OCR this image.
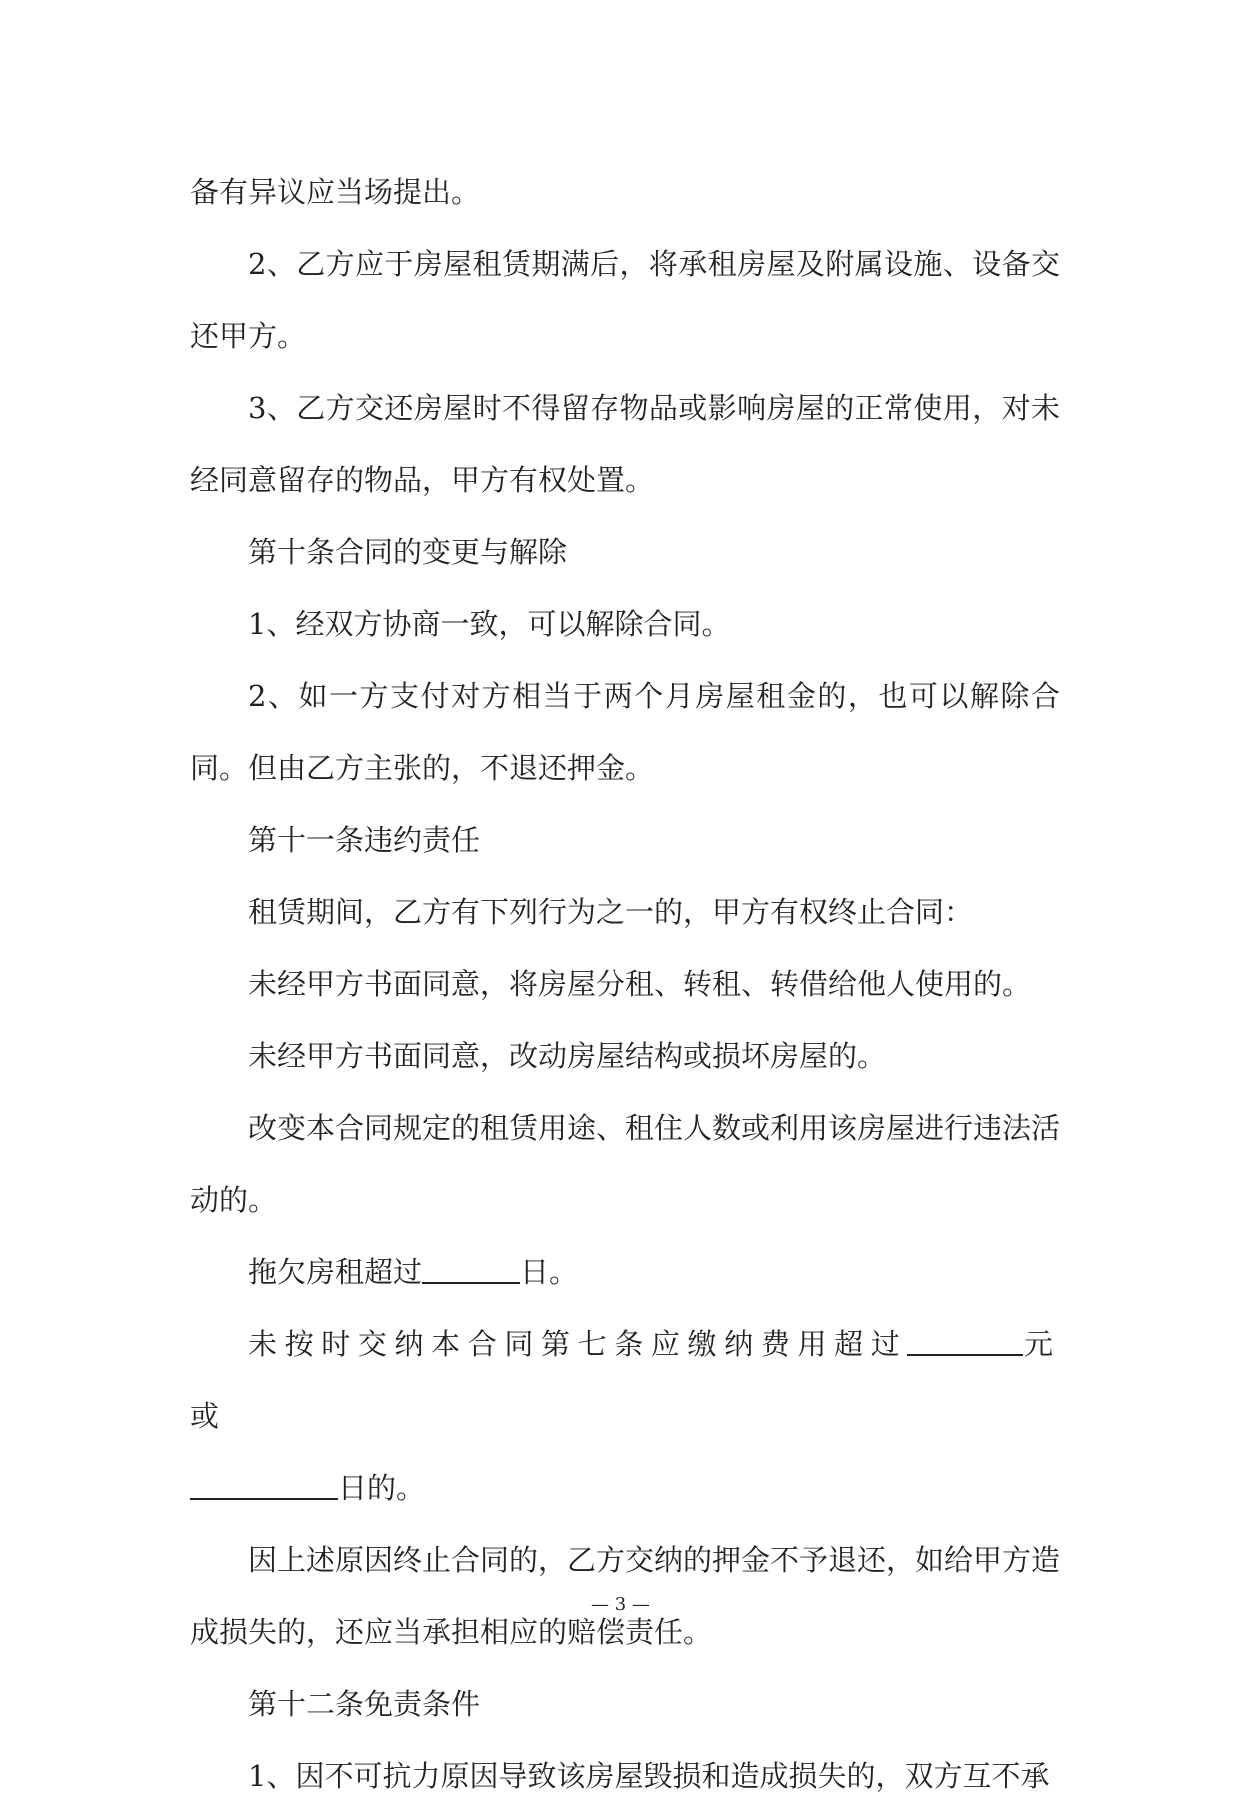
备有异议应当场提出。

2、乙方应于房屋租赁期满后，将承租房屋及附属设施、设备交还甲方。

3、乙方交还房屋时不得留存物品或影响房屋的正常使用，对未经同意留存的物品，甲方有权处置。

第十条合同的变更与解除

1、经双方协商一致，可以解除合同。

2、如一方支付对方相当于两个月房屋租金的，也可以解除合同。但由乙方主张的，不退还押金。

第十一条违约责任

租赁期间，乙方有下列行为之一的，甲方有权终止合同：

未经甲方书面同意，将房屋分租、转租、转借给他人使用的。

未经甲方书面同意，改动房屋结构或损坏房屋的。

改变本合同规定的租赁用途、租住人数或利用该房屋进行违法活动的。

拖欠房租超过	日。

未按时交纳本合同第七条应缴纳费用超过	元或
日的。

因上述原因终止合同的，乙方交纳的押金不予退还，如给甲方造成损失的，还应当承担相应的赔偿责任。

第十二条免责条件

1、因不可抗力原因导致该房屋毁损和造成损失的，双方互不承

— 3 —
